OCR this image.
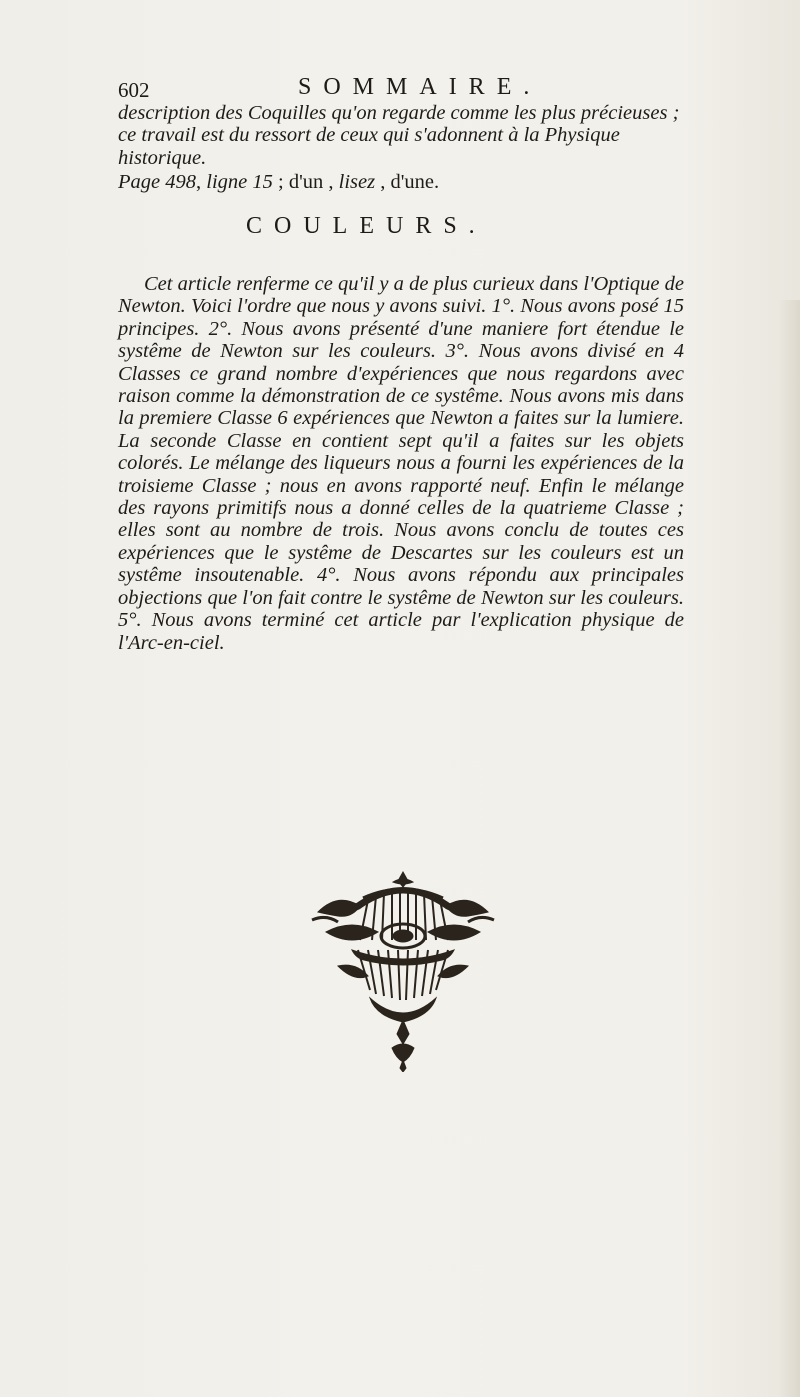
602	SOMMAIRE.
description des Coquilles qu'on regarde comme les plus précieuses ; ce travail est du ressort de ceux qui s'adonnent à la Physique historique.
Page 498, ligne 15 ; d'un , lisez , d'une.
COULEURS.
Cet article renferme ce qu'il y a de plus curieux dans l'Optique de Newton. Voici l'ordre que nous y avons suivi. 1°. Nous avons posé 15 principes. 2°. Nous avons présenté d'une maniere fort étendue le systême de Newton sur les couleurs. 3°. Nous avons divisé en 4 Classes ce grand nombre d'expériences que nous regardons avec raison comme la démonstration de ce systême. Nous avons mis dans la premiere Classe 6 expériences que Newton a faites sur la lumiere. La seconde Classe en contient sept qu'il a faites sur les objets colorés. Le mélange des liqueurs nous a fourni les expériences de la troisieme Classe ; nous en avons rapporté neuf. Enfin le mélange des rayons primitifs nous a donné celles de la quatrieme Classe ; elles sont au nombre de trois. Nous avons conclu de toutes ces expériences que le systême de Descartes sur les couleurs est un systême insoutenable. 4°. Nous avons répondu aux principales objections que l'on fait contre le systême de Newton sur les couleurs. 5°. Nous avons terminé cet article par l'explication physique de l'Arc-en-ciel.
